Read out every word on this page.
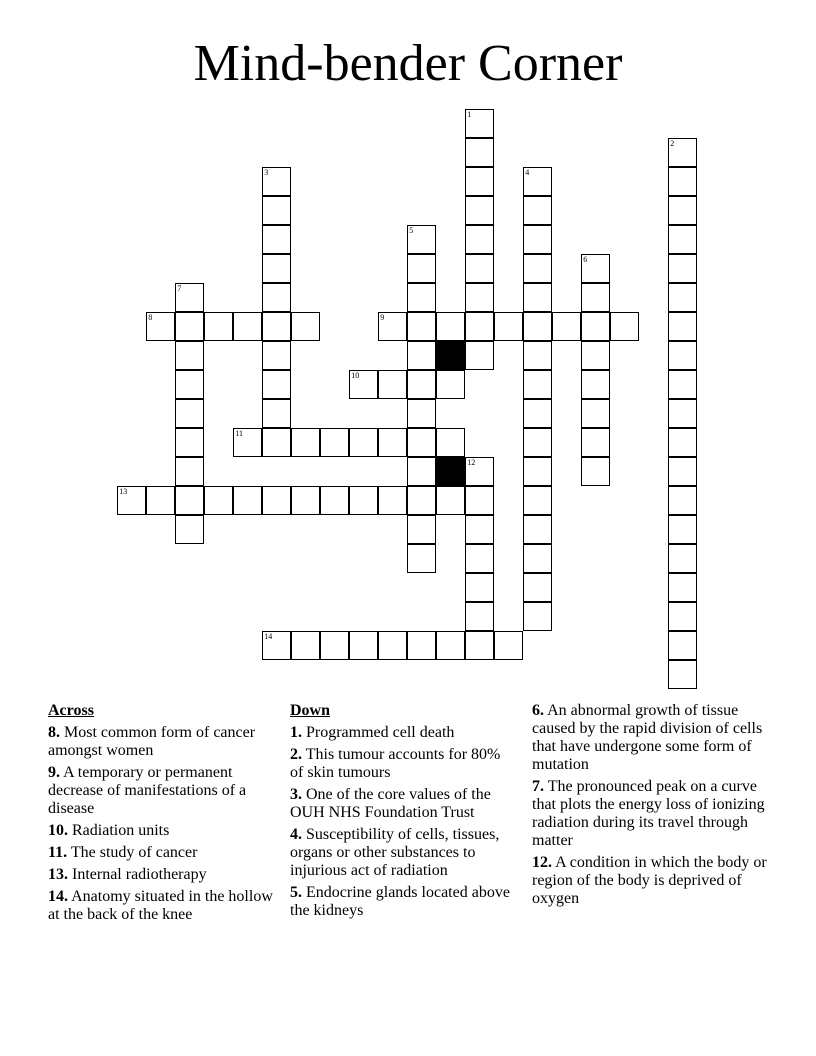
Mind-bender Corner
8	9
10
11
13
14
1
2
3	4
5
6
7
12
Across
8. Most common form of cancer amongst women
9. A temporary or permanent decrease of manifestations of a disease
10. Radiation units
11. The study of cancer
13. Internal radiotherapy
14. Anatomy situated in the hollow at the back of the knee
Down
1. Programmed cell death
2. This tumour accounts for 80% of skin tumours
3. One of the core values of the OUH NHS Foundation Trust
4. Susceptibility of cells, tissues, organs or other substances to injurious act of radiation
5. Endocrine glands located above the kidneys
6. An abnormal growth of tissue caused by the rapid division of cells that have undergone some form of mutation
7. The pronounced peak on a curve that plots the energy loss of ionizing radiation during its travel through matter
12. A condition in which the body or region of the body is deprived of oxygen
